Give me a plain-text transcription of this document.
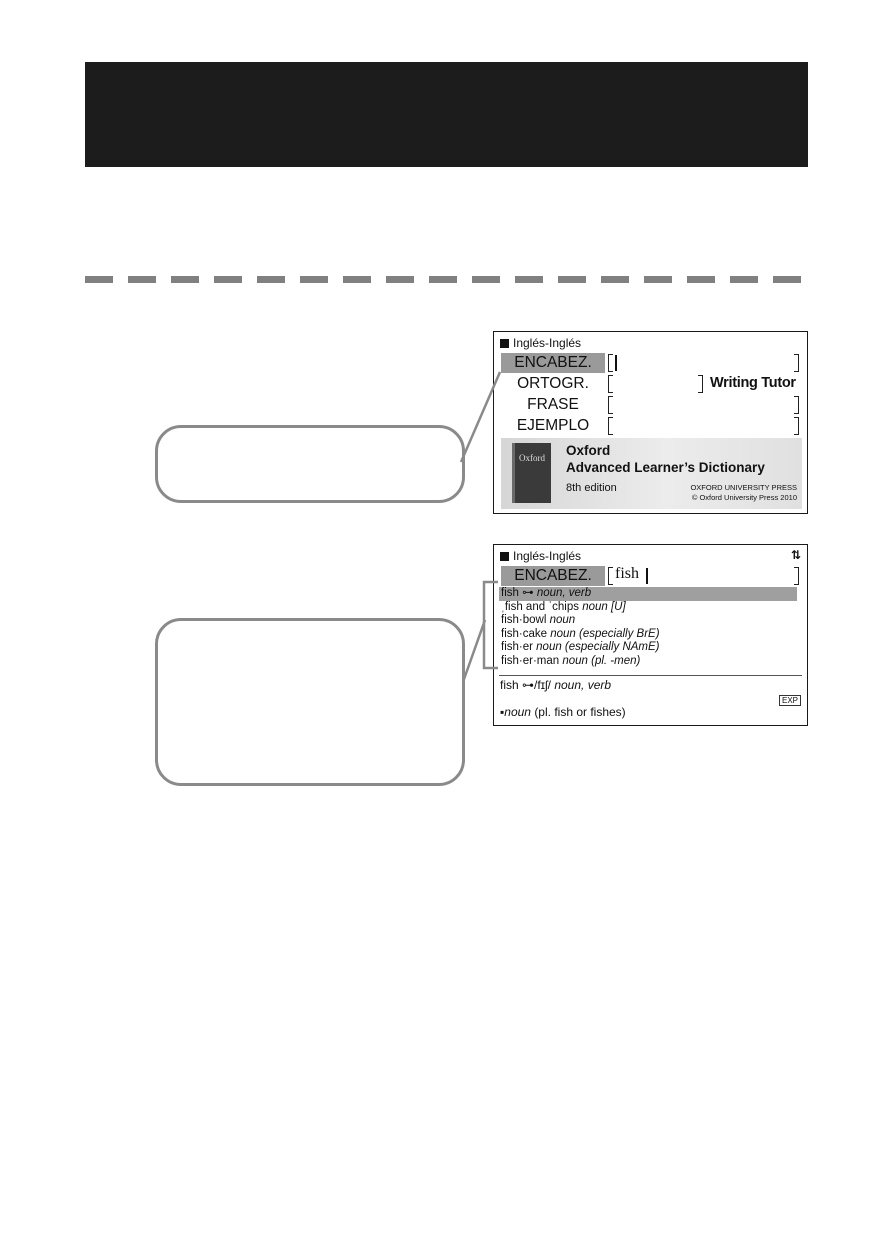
Inglés-Inglés
ENCABEZ.
ORTOGR.	Writing Tutor
FRASE
EJEMPLO
Oxford Oxford
Advanced Learner’s Dictionary
8th edition	OXFORD UNIVERSITY PRESS
© Oxford University Press 2010
Inglés-Inglés	⇅
ENCABEZ.	fish
fish ⊶ noun, verb
ˌfish and ˈchips noun [U]
fish·bowl noun
fish·cake noun (especially BrE)
fish·er noun (especially NAmE)
fish·er·man noun (pl. -men)
fish ⊶/fɪʃ/ noun, verb
EXP
▪noun (pl. fish or fishes)
